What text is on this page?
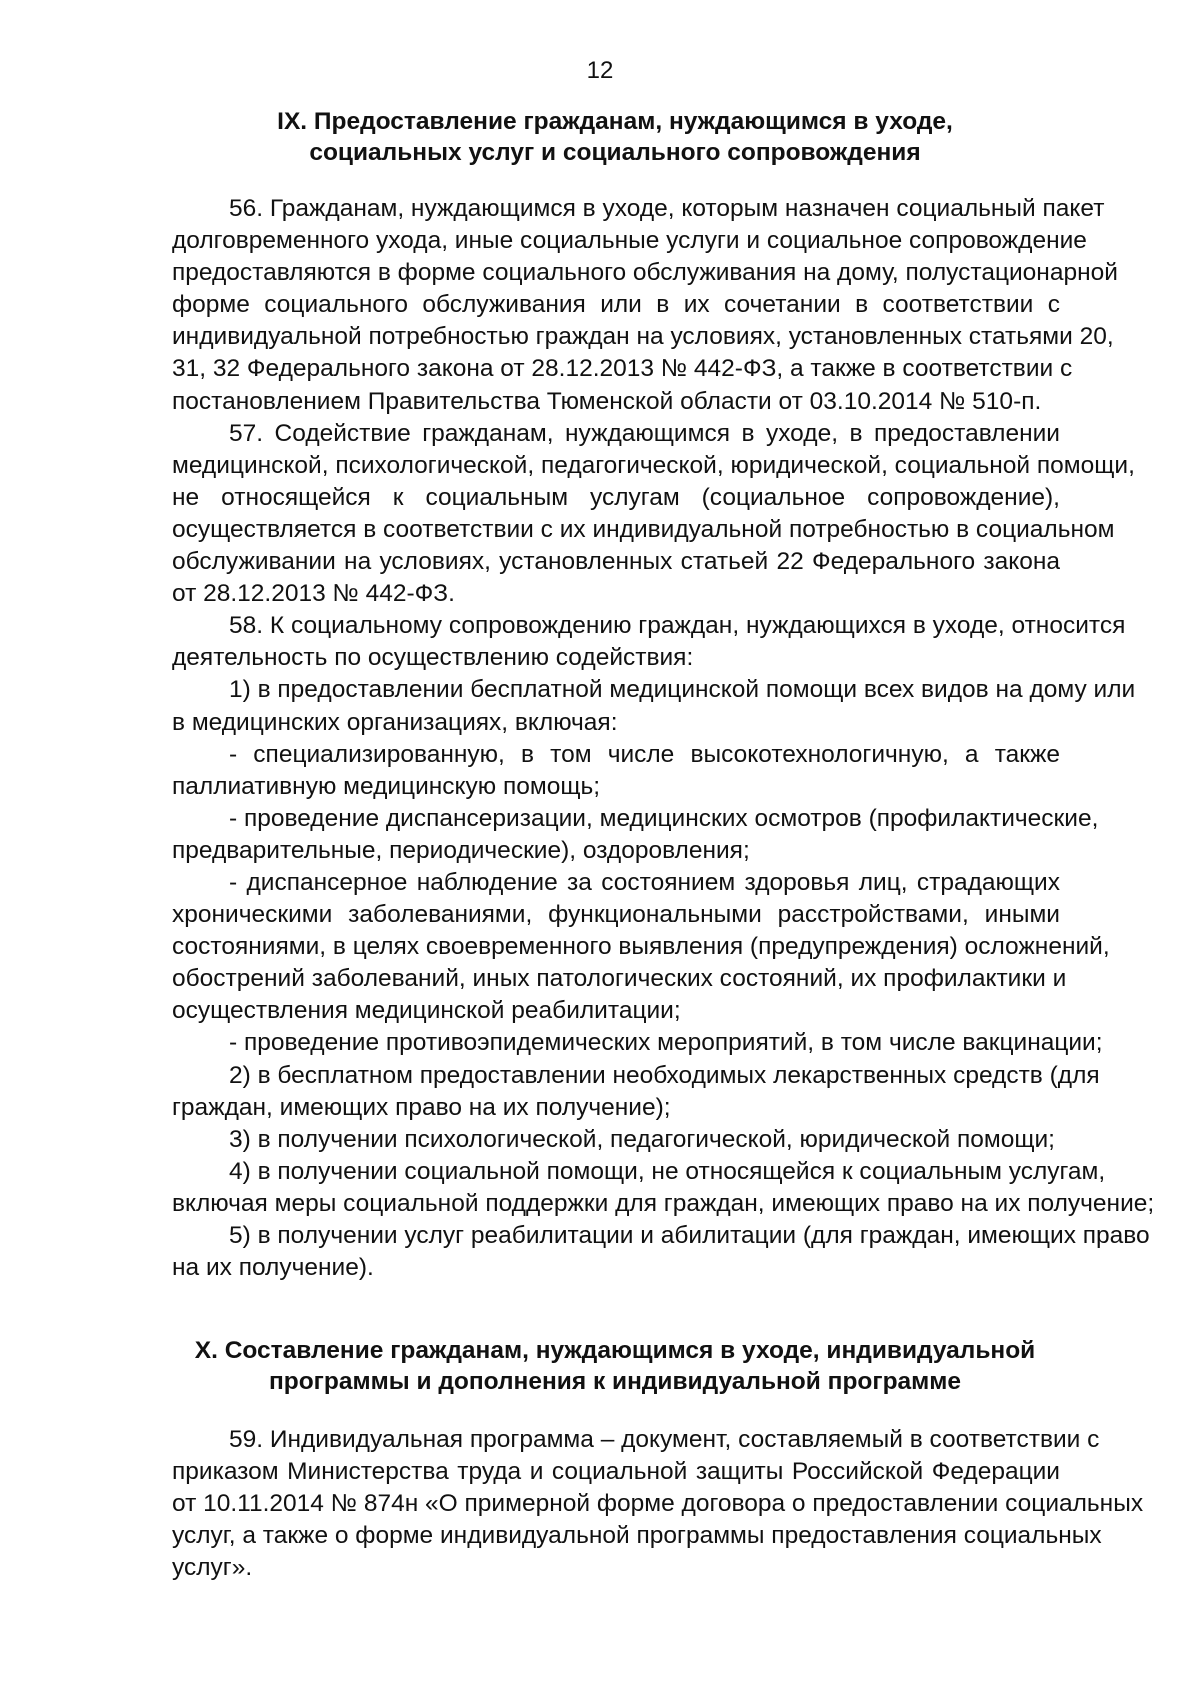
12
IX. Предоставление гражданам, нуждающимся в уходе,
социальных услуг и социального сопровождения
56. Гражданам, нуждающимся в уходе, которым назначен социальный пакет
долговременного ухода, иные социальные услуги и социальное сопровождение
предоставляются в форме социального обслуживания на дому, полустационарной
форме социального обслуживания или в их сочетании в соответствии с
индивидуальной потребностью граждан на условиях, установленных статьями 20,
31, 32 Федерального закона от 28.12.2013 № 442-ФЗ, а также в соответствии с
постановлением Правительства Тюменской области от 03.10.2014 № 510-п.
57. Содействие гражданам, нуждающимся в уходе, в предоставлении
медицинской, психологической, педагогической, юридической, социальной помощи,
не относящейся к социальным услугам (социальное сопровождение),
осуществляется в соответствии с их индивидуальной потребностью в социальном
обслуживании на условиях, установленных статьей 22 Федерального закона
от 28.12.2013 № 442-ФЗ.
58. К социальному сопровождению граждан, нуждающихся в уходе, относится
деятельность по осуществлению содействия:
1) в предоставлении бесплатной медицинской помощи всех видов на дому или
в медицинских организациях, включая:
- специализированную, в том числе высокотехнологичную, а также
паллиативную медицинскую помощь;
- проведение диспансеризации, медицинских осмотров (профилактические,
предварительные, периодические), оздоровления;
- диспансерное наблюдение за состоянием здоровья лиц, страдающих
хроническими заболеваниями, функциональными расстройствами, иными
состояниями, в целях своевременного выявления (предупреждения) осложнений,
обострений заболеваний, иных патологических состояний, их профилактики и
осуществления медицинской реабилитации;
- проведение противоэпидемических мероприятий, в том числе вакцинации;
2) в бесплатном предоставлении необходимых лекарственных средств (для
граждан, имеющих право на их получение);
3) в получении психологической, педагогической, юридической помощи;
4) в получении социальной помощи, не относящейся к социальным услугам,
включая меры социальной поддержки для граждан, имеющих право на их получение;
5) в получении услуг реабилитации и абилитации (для граждан, имеющих право
на их получение).
X. Составление гражданам, нуждающимся в уходе, индивидуальной
программы и дополнения к индивидуальной программе
59. Индивидуальная программа – документ, составляемый в соответствии с
приказом Министерства труда и социальной защиты Российской Федерации
от 10.11.2014 № 874н «О примерной форме договора о предоставлении социальных
услуг, а также о форме индивидуальной программы предоставления социальных
услуг».
